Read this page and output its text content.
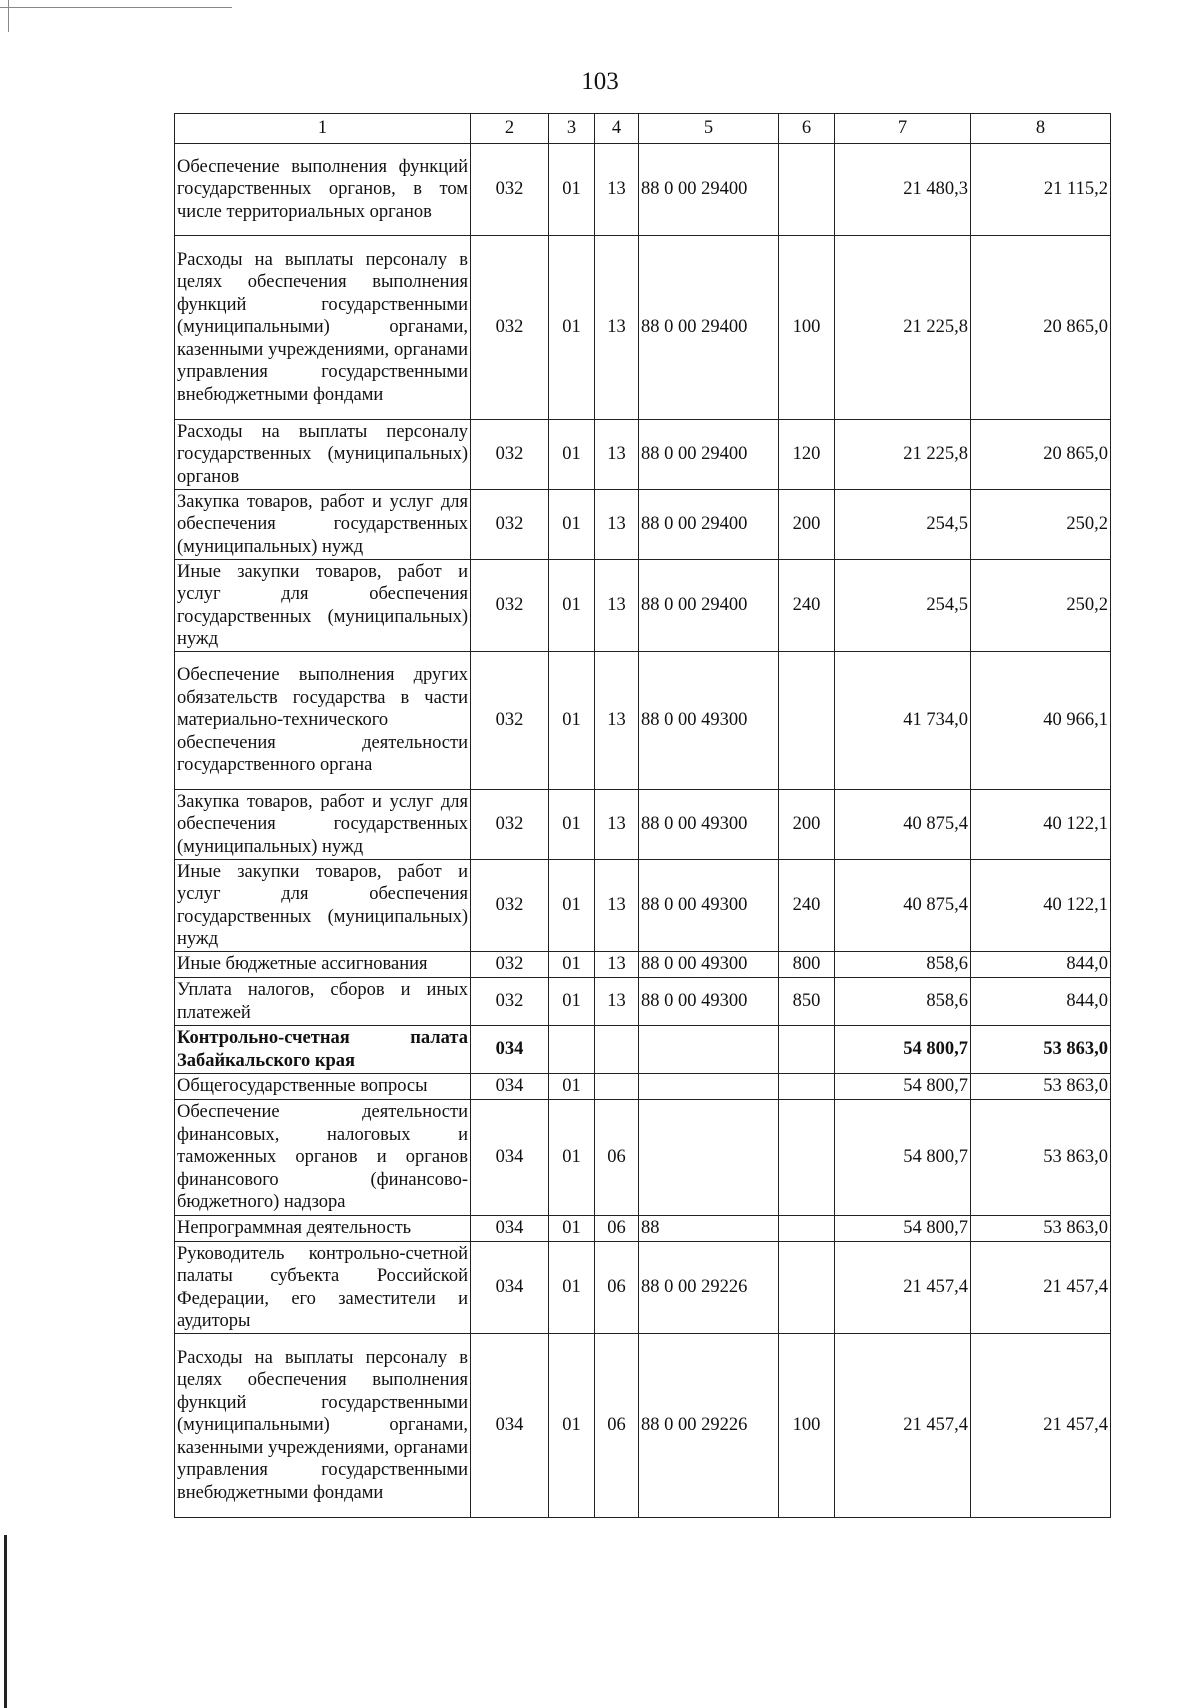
103
1	2	3	4	5	6	7	8
Обеспечение выполнения функций государственных органов, в том числе территориальных органов	032	01	13	88 0 00 29400		21 480,3	21 115,2
Расходы на выплаты персоналу в целях обеспечения выполнения функций государственными (муниципальными) органами, казенными учреждениями, органами управления государственными внебюджетными фондами	032	01	13	88 0 00 29400	100	21 225,8	20 865,0
Расходы на выплаты персоналу государственных (муниципальных) органов	032	01	13	88 0 00 29400	120	21 225,8	20 865,0
Закупка товаров, работ и услуг для обеспечения государственных (муниципальных) нужд	032	01	13	88 0 00 29400	200	254,5	250,2
Иные закупки товаров, работ и услуг для обеспечения государственных (муниципальных) нужд	032	01	13	88 0 00 29400	240	254,5	250,2
Обеспечение выполнения других обязательств государства в части материально-технического обеспечения деятельности государственного органа	032	01	13	88 0 00 49300		41 734,0	40 966,1
Закупка товаров, работ и услуг для обеспечения государственных (муниципальных) нужд	032	01	13	88 0 00 49300	200	40 875,4	40 122,1
Иные закупки товаров, работ и услуг для обеспечения государственных (муниципальных) нужд	032	01	13	88 0 00 49300	240	40 875,4	40 122,1
Иные бюджетные ассигнования	032	01	13	88 0 00 49300	800	858,6	844,0
Уплата налогов, сборов и иных платежей	032	01	13	88 0 00 49300	850	858,6	844,0
Контрольно-счетная палата Забайкальского края	034					54 800,7	53 863,0
Общегосударственные вопросы	034	01				54 800,7	53 863,0
Обеспечение деятельности финансовых, налоговых и таможенных органов и органов финансового (финансово-бюджетного) надзора	034	01	06			54 800,7	53 863,0
Непрограммная деятельность	034	01	06	88		54 800,7	53 863,0
Руководитель контрольно-счетной палаты субъекта Российской Федерации, его заместители и аудиторы	034	01	06	88 0 00 29226		21 457,4	21 457,4
Расходы на выплаты персоналу в целях обеспечения выполнения функций государственными (муниципальными) органами, казенными учреждениями, органами управления государственными внебюджетными фондами	034	01	06	88 0 00 29226	100	21 457,4	21 457,4
